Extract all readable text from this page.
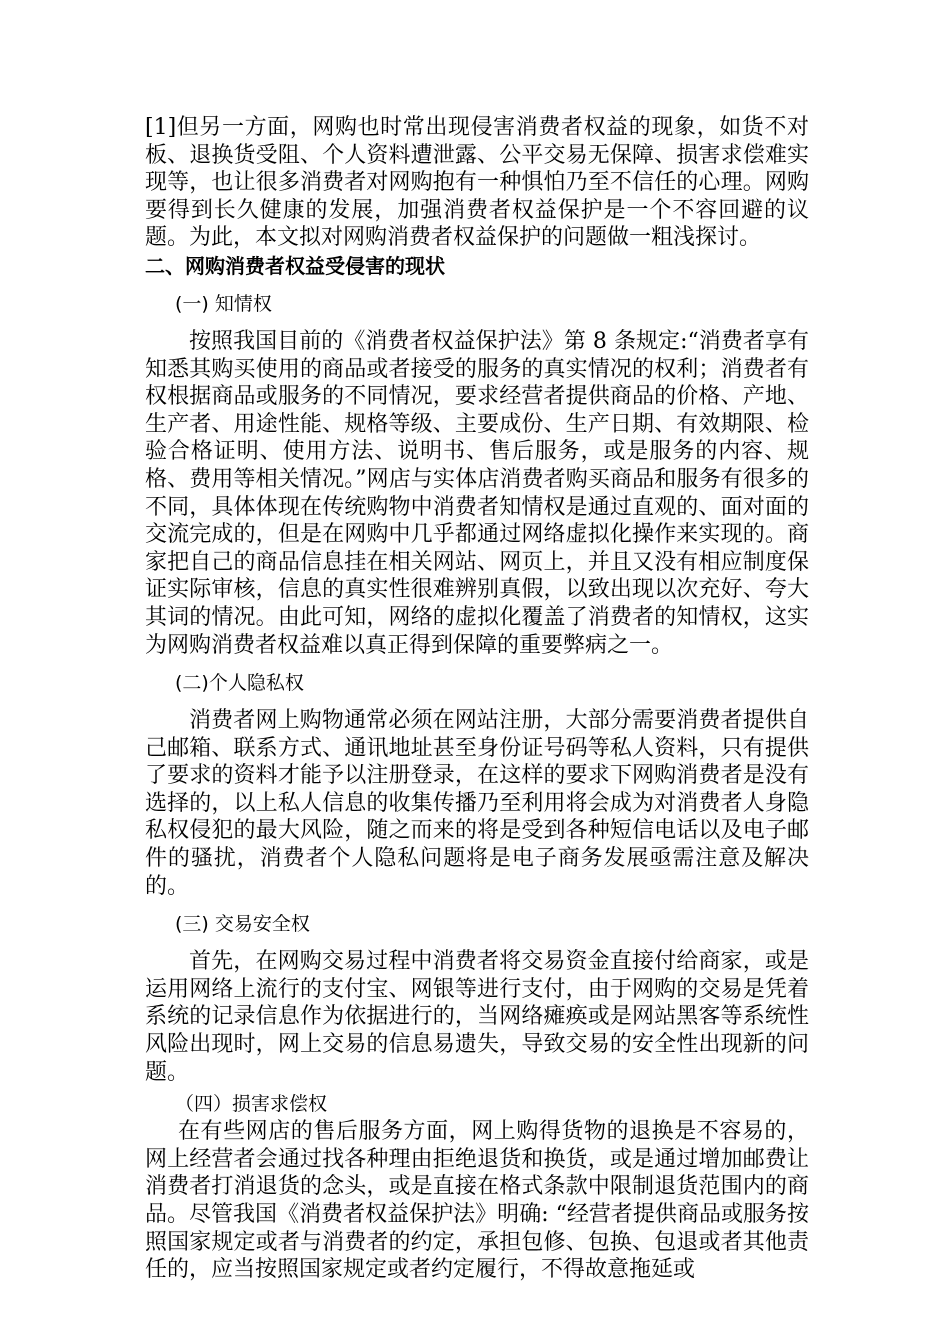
[1]但另一方面，网购也时常出现侵害消费者权益的现象，如货不对板、退换货受阻、个人资料遭泄露、公平交易无保障、损害求偿难实现等，也让很多消费者对网购抱有一种惧怕乃至不信任的心理。网购要得到长久健康的发展，加强消费者权益保护是一个不容回避的议题。为此，本文拟对网购消费者权益保护的问题做一粗浅探讨。

二、网购消费者权益受侵害的现状
(一) 知情权

按照我国目前的《消费者权益保护法》第 8 条规定:“消费者享有知悉其购买使用的商品或者接受的服务的真实情况的权利；消费者有权根据商品或服务的不同情况，要求经营者提供商品的价格、产地、生产者、用途性能、规格等级、主要成份、生产日期、有效期限、检验合格证明、使用方法、说明书、售后服务，或是服务的内容、规格、费用等相关情况。”网店与实体店消费者购买商品和服务有很多的不同，具体体现在传统购物中消费者知情权是通过直观的、面对面的交流完成的，但是在网购中几乎都通过网络虚拟化操作来实现的。商家把自己的商品信息挂在相关网站、网页上，并且又没有相应制度保证实际审核，信息的真实性很难辨别真假，以致出现以次充好、夸大其词的情况。由此可知，网络的虚拟化覆盖了消费者的知情权，这实为网购消费者权益难以真正得到保障的重要弊病之一。

(二)个人隐私权

消费者网上购物通常必须在网站注册，大部分需要消费者提供自己邮箱、联系方式、通讯地址甚至身份证号码等私人资料，只有提供了要求的资料才能予以注册登录，在这样的要求下网购消费者是没有选择的，以上私人信息的收集传播乃至利用将会成为对消费者人身隐私权侵犯的最大风险，随之而来的将是受到各种短信电话以及电子邮件的骚扰，消费者个人隐私问题将是电子商务发展亟需注意及解决的。

(三) 交易安全权

首先，在网购交易过程中消费者将交易资金直接付给商家，或是运用网络上流行的支付宝、网银等进行支付，由于网购的交易是凭着系统的记录信息作为依据进行的，当网络瘫痪或是网站黑客等系统性风险出现时，网上交易的信息易遗失，导致交易的安全性出现新的问题。

（四）损害求偿权

在有些网店的售后服务方面，网上购得货物的退换是不容易的，网上经营者会通过找各种理由拒绝退货和换货，或是通过增加邮费让消费者打消退货的念头，或是直接在格式条款中限制退货范围内的商品。尽管我国《消费者权益保护法》明确: “经营者提供商品或服务按照国家规定或者与消费者的约定，承担包修、包换、包退或者其他责任的，应当按照国家规定或者约定履行，不得故意拖延或
